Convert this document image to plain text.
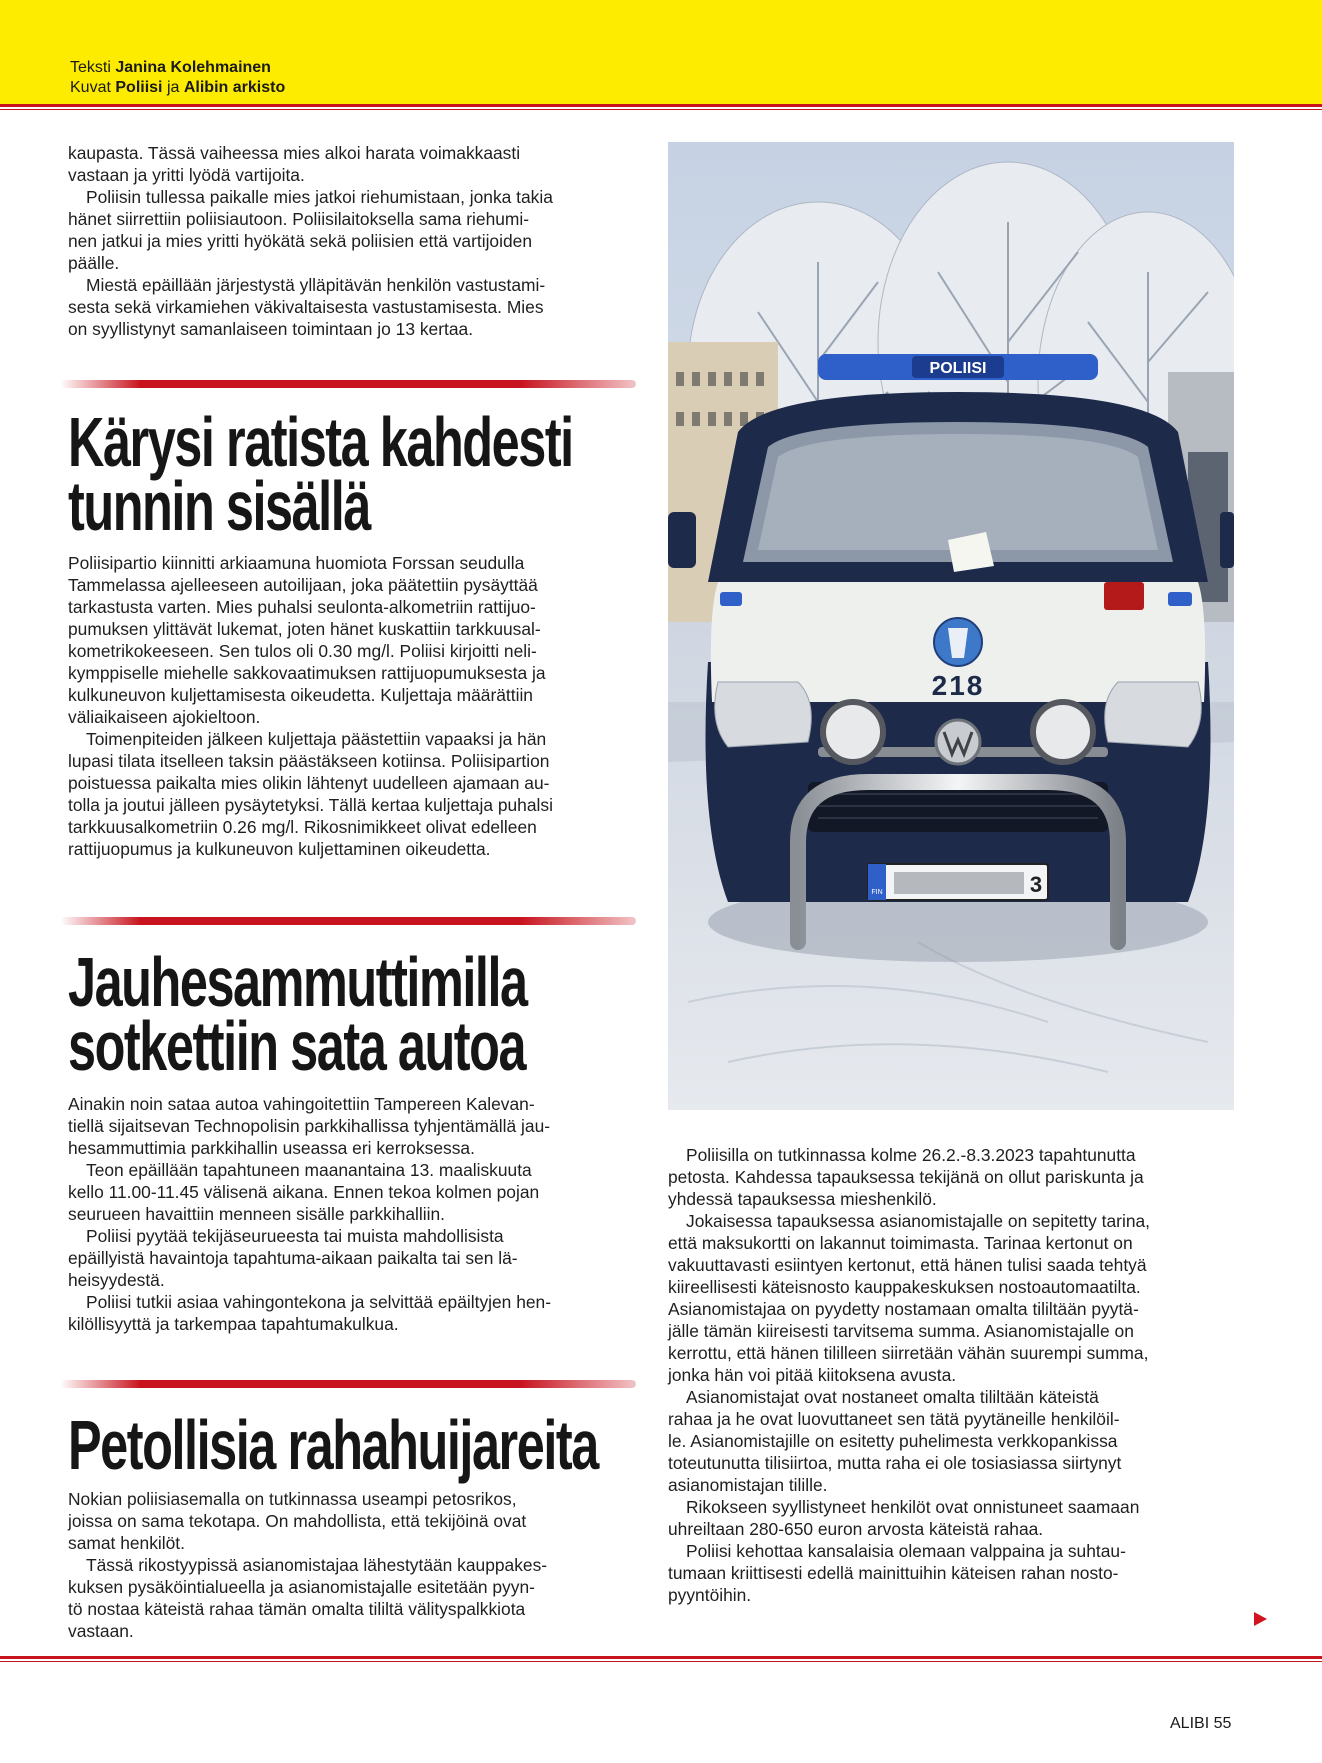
Teksti Janina Kolehmainen
Kuvat Poliisi ja Alibin arkisto

kaupasta. Tässä vaiheessa mies alkoi harata voimakkaasti
vastaan ja yritti lyödä vartijoita.

Poliisin tullessa paikalle mies jatkoi riehumistaan, jonka takia
hänet siirrettiin poliisiautoon. Poliisilaitoksella sama riehumi-
nen jatkui ja mies yritti hyökätä sekä poliisien että vartijoiden
päälle.

Miestä epäillään järjestystä ylläpitävän henkilön vastustami-
sesta sekä virkamiehen väkivaltaisesta vastustamisesta. Mies
on syyllistynyt samanlaiseen toimintaan jo 13 kertaa.

Kärysi ratista kahdesti
tunnin sisällä

Poliisipartio kiinnitti arkiaamuna huomiota Forssan seudulla
Tammelassa ajelleeseen autoilijaan, joka päätettiin pysäyttää
tarkastusta varten. Mies puhalsi seulonta-alkometriin rattijuo-
pumuksen ylittävät lukemat, joten hänet kuskattiin tarkkuusal-
kometrikokeeseen. Sen tulos oli 0.30 mg/l. Poliisi kirjoitti neli-
kymppiselle miehelle sakkovaatimuksen rattijuopumuksesta ja
kulkuneuvon kuljettamisesta oikeudetta. Kuljettaja määrättiin
väliaikaiseen ajokieltoon.

Toimenpiteiden jälkeen kuljettaja päästettiin vapaaksi ja hän
lupasi tilata itselleen taksin päästäkseen kotiinsa. Poliisipartion
poistuessa paikalta mies olikin lähtenyt uudelleen ajamaan au-
tolla ja joutui jälleen pysäytetyksi. Tällä kertaa kuljettaja puhalsi
tarkkuusalkometriin 0.26 mg/l. Rikosnimikkeet olivat edelleen
rattijuopumus ja kulkuneuvon kuljettaminen oikeudetta.

Jauhesammuttimilla
sotkettiin sata autoa

Ainakin noin sataa autoa vahingoitettiin Tampereen Kalevan-
tiellä sijaitsevan Technopolisin parkkihallissa tyhjentämällä jau-
hesammuttimia parkkihallin useassa eri kerroksessa.

Teon epäillään tapahtuneen maanantaina 13. maaliskuuta
kello 11.00-11.45 välisenä aikana. Ennen tekoa kolmen pojan
seurueen havaittiin menneen sisälle parkkihalliin.

Poliisi pyytää tekijäseurueesta tai muista mahdollisista
epäillyistä havaintoja tapahtuma-aikaan paikalta tai sen lä-
heisyydestä.

Poliisi tutkii asiaa vahingontekona ja selvittää epäiltyjen hen-
kilöllisyyttä ja tarkempaa tapahtumakulkua.

Petollisia rahahuijareita

Nokian poliisiasemalla on tutkinnassa useampi petosrikos,
joissa on sama tekotapa. On mahdollista, että tekijöinä ovat
samat henkilöt.

Tässä rikostyypissä asianomistajaa lähestytään kauppakes-
kuksen pysäköintialueella ja asianomistajalle esitetään pyyn-
tö nostaa käteistä rahaa tämän omalta tililtä välityspalkkiota
vastaan.

POLIISI
218
FIN	3

Poliisilla on tutkinnassa kolme 26.2.-8.3.2023 tapahtunutta
petosta. Kahdessa tapauksessa tekijänä on ollut pariskunta ja
yhdessä tapauksessa mieshenkilö.

Jokaisessa tapauksessa asianomistajalle on sepitetty tarina,
että maksukortti on lakannut toimimasta. Tarinaa kertonut on
vakuuttavasti esiintyen kertonut, että hänen tulisi saada tehtyä
kiireellisesti käteisnosto kauppakeskuksen nostoautomaatilta.
Asianomistajaa on pyydetty nostamaan omalta tililtään pyytä-
jälle tämän kiireisesti tarvitsema summa. Asianomistajalle on
kerrottu, että hänen tililleen siirretään vähän suurempi summa,
jonka hän voi pitää kiitoksena avusta.

Asianomistajat ovat nostaneet omalta tililtään käteistä
rahaa ja he ovat luovuttaneet sen tätä pyytäneille henkilöil-
le. Asianomistajille on esitetty puhelimesta verkkopankissa
toteutunutta tilisiirtoa, mutta raha ei ole tosiasiassa siirtynyt
asianomistajan tilille.

Rikokseen syyllistyneet henkilöt ovat onnistuneet saamaan
uhreiltaan 280-650 euron arvosta käteistä rahaa.

Poliisi kehottaa kansalaisia olemaan valppaina ja suhtau-
tumaan kriittisesti edellä mainittuihin käteisen rahan nosto-
pyyntöihin.

ALIBI 55
